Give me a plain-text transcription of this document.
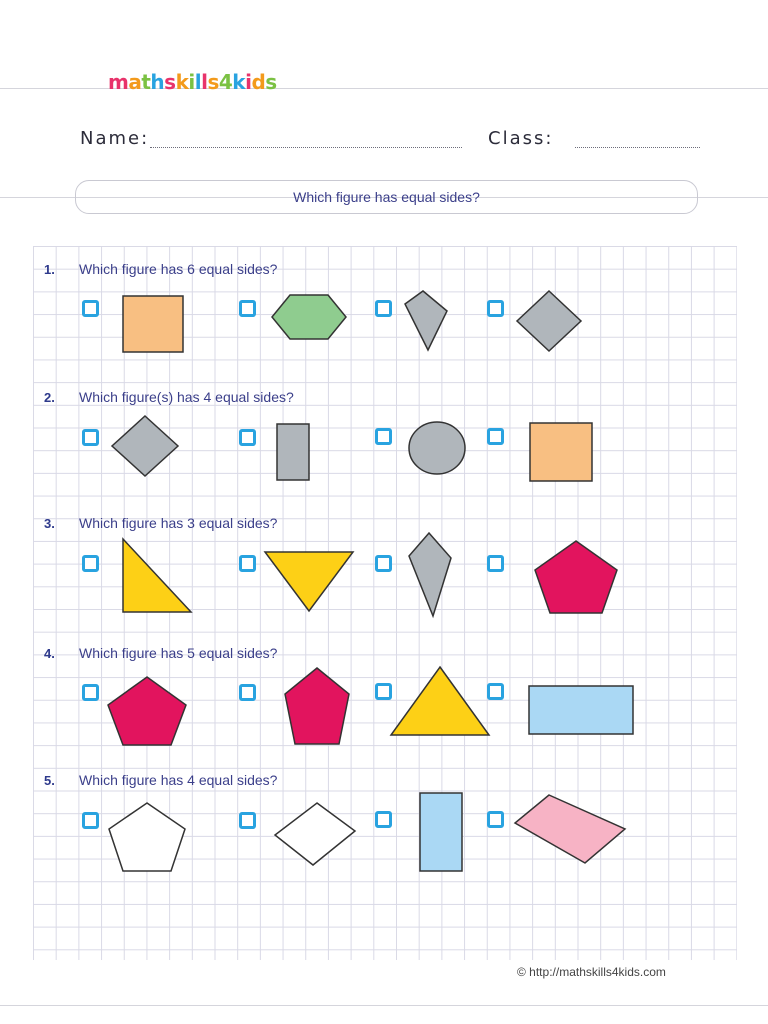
mathskills4kids
Name:	Class:
Which figure has equal sides?
1. Which figure has 6 equal sides?
2. Which figure(s) has 4 equal sides?
3. Which figure has 3 equal sides?
4. Which figure has 5 equal sides?
5. Which figure has 4 equal sides?
© http://mathskills4kids.com
